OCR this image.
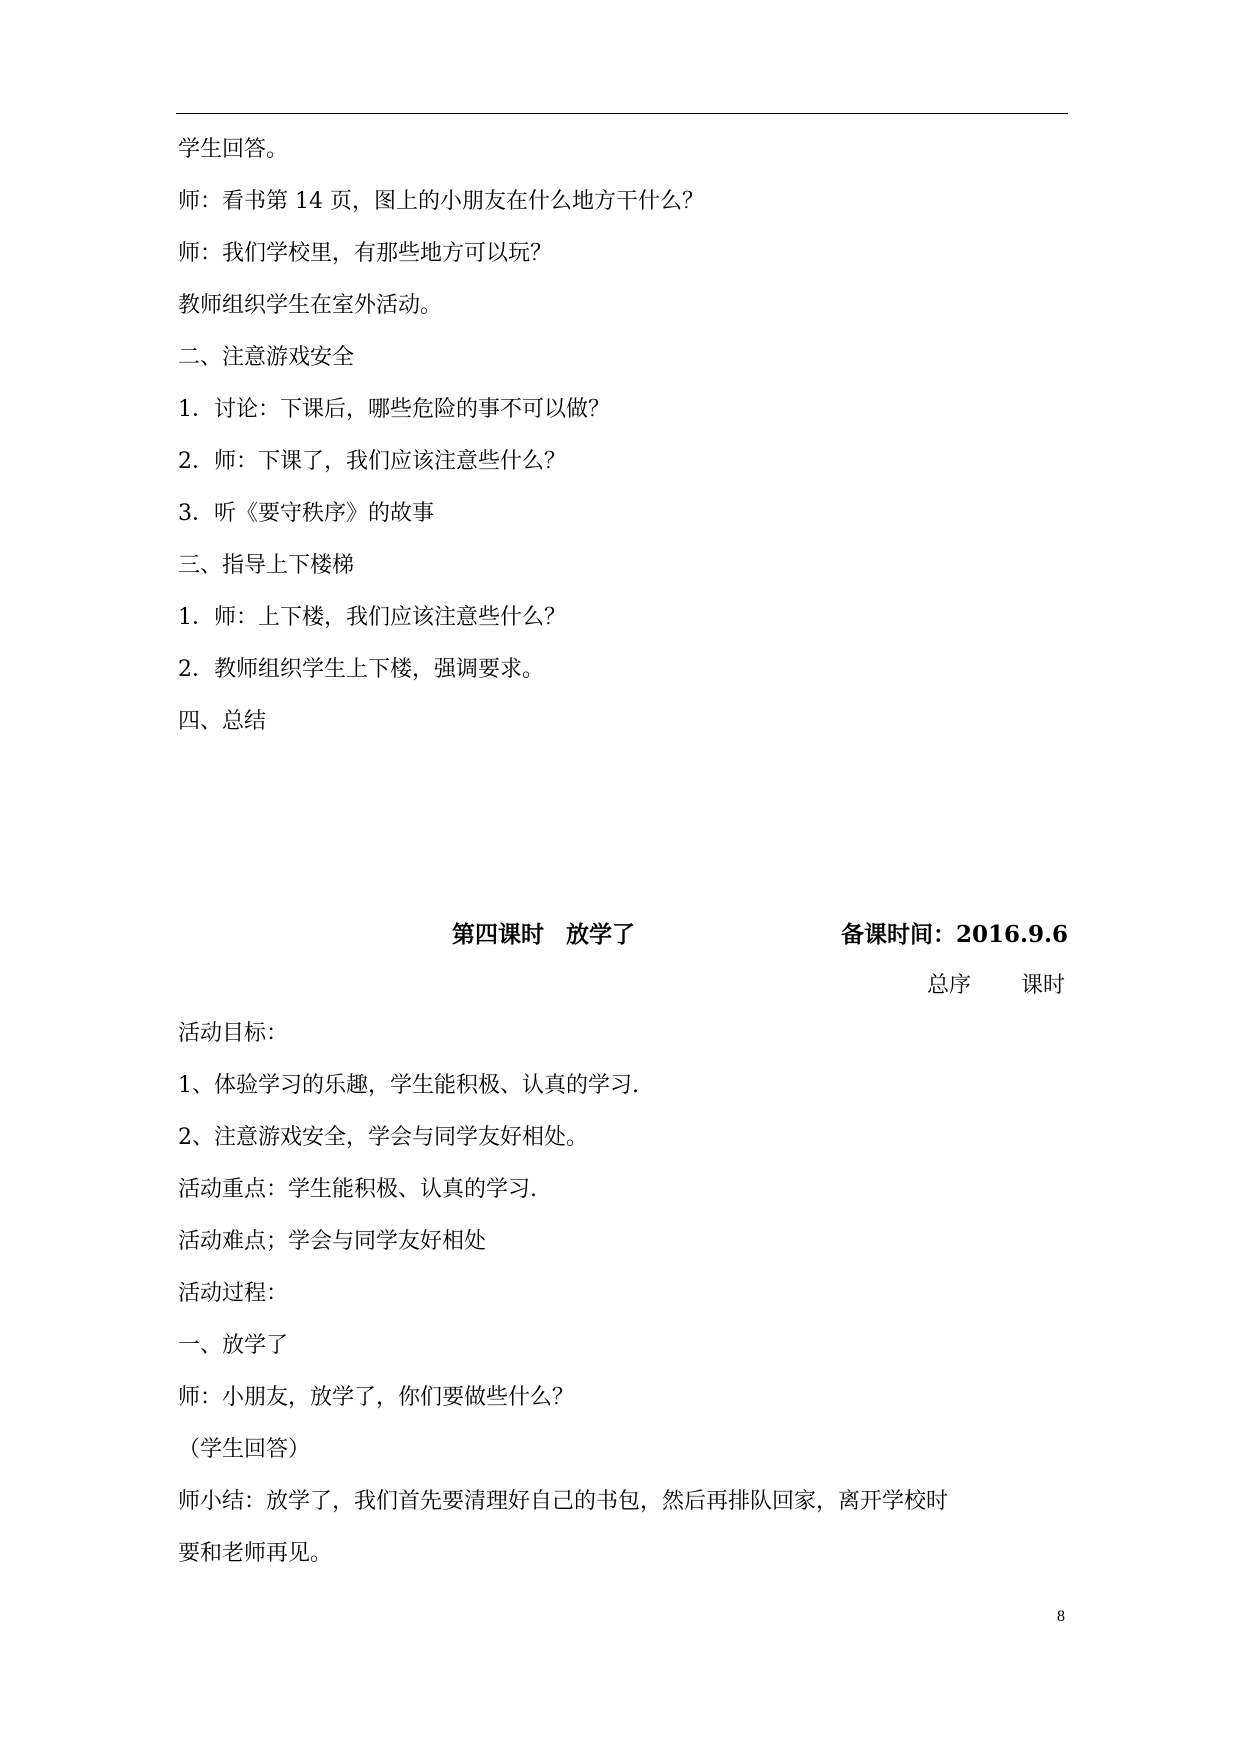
学生回答。
师：看书第 14 页，图上的小朋友在什么地方干什么？
师：我们学校里，有那些地方可以玩？
教师组织学生在室外活动。
二、注意游戏安全
1．讨论：下课后，哪些危险的事不可以做？
2．师：下课了，我们应该注意些什么？
3．听《要守秩序》的故事
三、指导上下楼梯
1．师：上下楼，我们应该注意些什么？
2．教师组织学生上下楼，强调要求。
四、总结
第四课时 放学了	备课时间：2016.9.6
总序 课时
活动目标：
1、体验学习的乐趣，学生能积极、认真的学习.
2、注意游戏安全，学会与同学友好相处。
活动重点：学生能积极、认真的学习.
活动难点；学会与同学友好相处
活动过程：
一、放学了
师：小朋友，放学了，你们要做些什么？
（学生回答）
师小结：放学了，我们首先要清理好自己的书包，然后再排队回家，离开学校时
要和老师再见。
8
